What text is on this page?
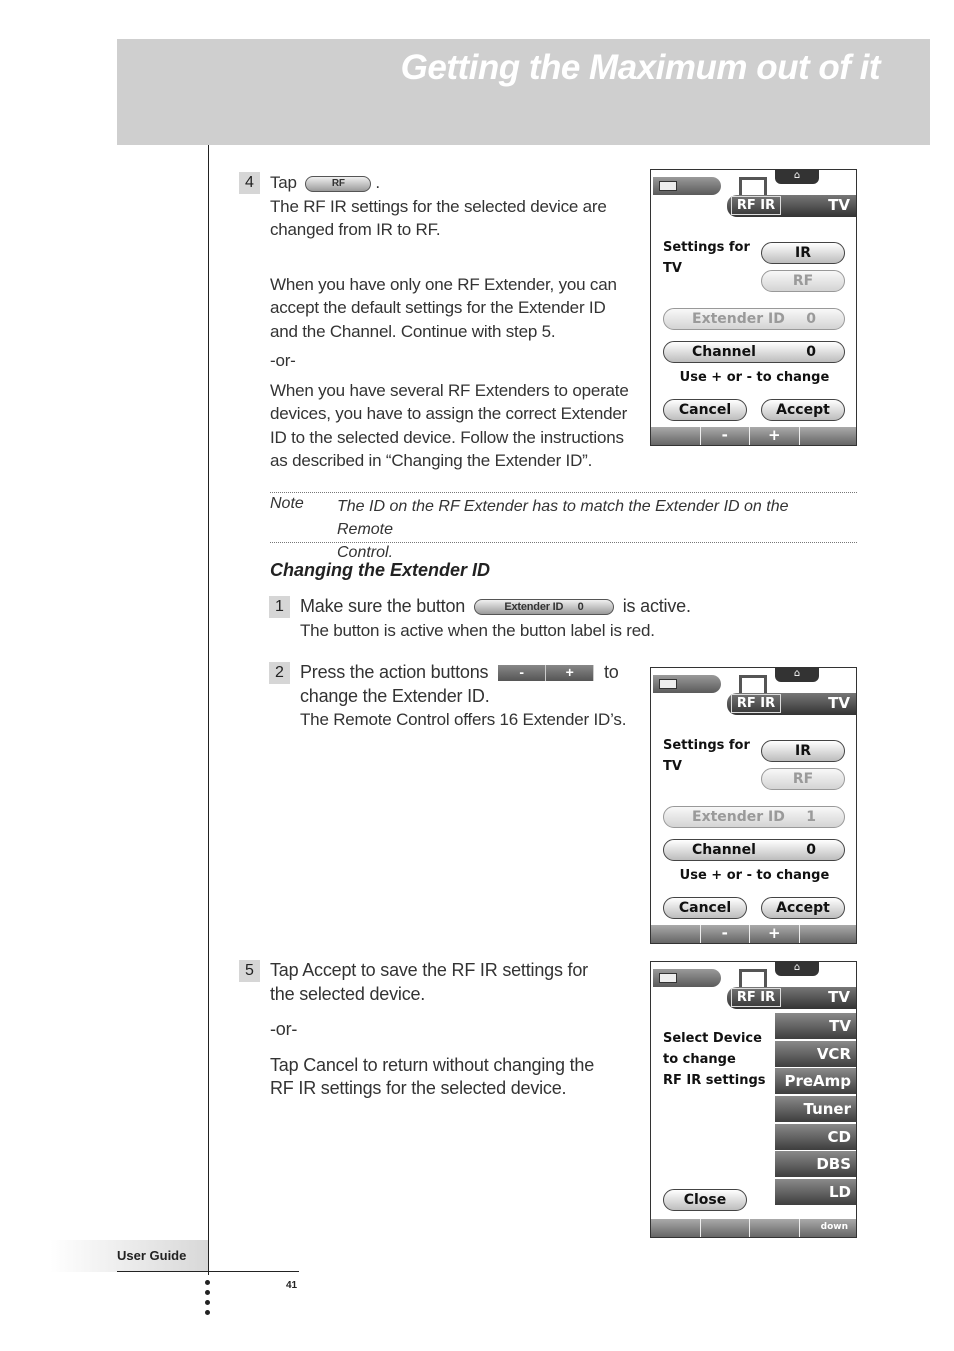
Getting the Maximum out of it
4 Tap	RF .
The RF IR settings for the selected device are
changed from IR to RF.
When you have only one RF Extender, you can
accept the default settings for the Extender ID
and the Channel. Continue with step 5.
-or-
When you have several RF Extenders to operate
devices, you have to assign the correct Extender
ID to the selected device. Follow the instructions
as described in “Changing the Extender ID”.
⌂
RF IR	TV
Settings for
TV
IR
RF
Extender ID 0
Channel	0
Use + or - to change
Cancel	Accept
-	+
Note The ID on the RF Extender has to match the Extender ID on the Remote
Control.
Changing the Extender ID
1 Make sure the button	Extender ID 0 is active.
The button is active when the button label is red.
2 Press the action buttons	-	+	to
change the Extender ID.
The Remote Control offers 16 Extender ID’s.
⌂
RF IR	TV
Settings for
TV
IR
RF
Extender ID 1
Channel	0
Use + or - to change
Cancel	Accept
-	+
5 Tap Accept to save the RF IR settings for
the selected device.
-or-
Tap Cancel to return without changing the
RF IR settings for the selected device.
⌂
RF IR	TV
Select Device
to change
RF IR settings
TV
VCR
PreAmp
Tuner
CD
DBS
LD
Close
down
User Guide
41
